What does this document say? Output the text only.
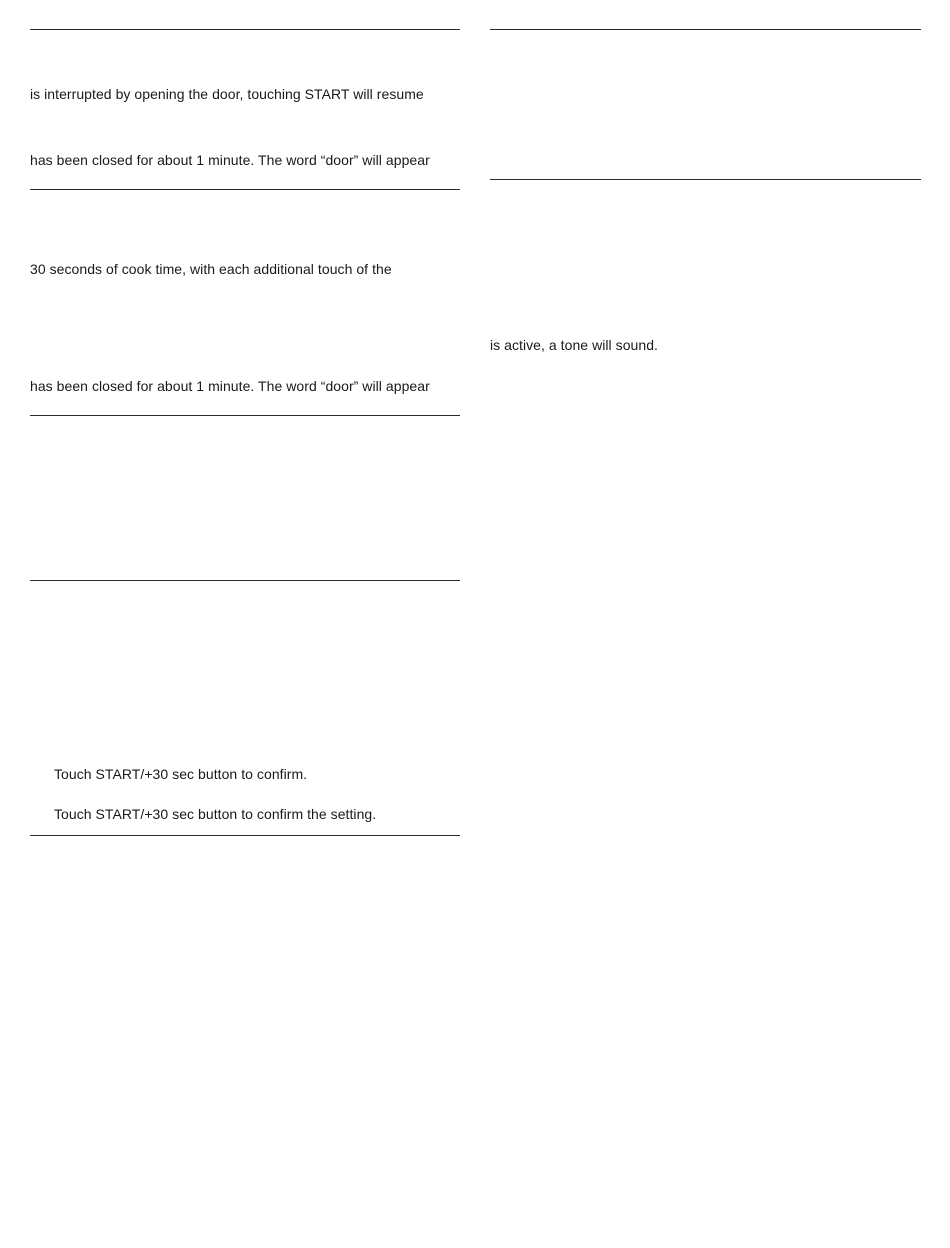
is interrupted by opening the door, touching START will resume
has been closed for about 1 minute. The word “door” will appear
30 seconds of cook time, with each additional touch of the
has been closed for about 1 minute. The word “door” will appear
Touch START/+30 sec button to confirm.
Touch START/+30 sec button to confirm the setting.
is active, a tone will sound.
